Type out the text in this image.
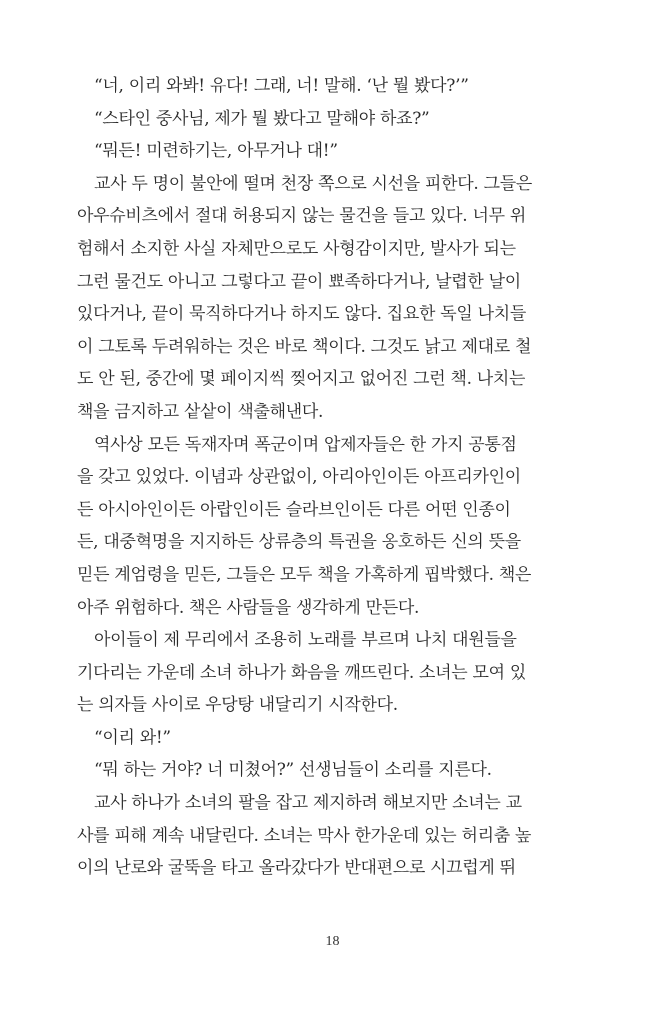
“너, 이리 와봐! 유다! 그래, 너! 말해. ‘난 뭘 봤다?’”
“스타인 중사님, 제가 뭘 봤다고 말해야 하죠?”
“뭐든! 미련하기는, 아무거나 대!”
교사 두 명이 불안에 떨며 천장 쪽으로 시선을 피한다. 그들은
아우슈비츠에서 절대 허용되지 않는 물건을 들고 있다. 너무 위
험해서 소지한 사실 자체만으로도 사형감이지만, 발사가 되는
그런 물건도 아니고 그렇다고 끝이 뾰족하다거나, 날렵한 날이
있다거나, 끝이 묵직하다거나 하지도 않다. 집요한 독일 나치들
이 그토록 두려워하는 것은 바로 책이다. 그것도 낡고 제대로 철
도 안 된, 중간에 몇 페이지씩 찢어지고 없어진 그런 책. 나치는
책을 금지하고 샅샅이 색출해낸다.
역사상 모든 독재자며 폭군이며 압제자들은 한 가지 공통점
을 갖고 있었다. 이념과 상관없이, 아리아인이든 아프리카인이
든 아시아인이든 아랍인이든 슬라브인이든 다른 어떤 인종이
든, 대중혁명을 지지하든 상류층의 특권을 옹호하든 신의 뜻을
믿든 계엄령을 믿든, 그들은 모두 책을 가혹하게 핍박했다. 책은
아주 위험하다. 책은 사람들을 생각하게 만든다.
아이들이 제 무리에서 조용히 노래를 부르며 나치 대원들을
기다리는 가운데 소녀 하나가 화음을 깨뜨린다. 소녀는 모여 있
는 의자들 사이로 우당탕 내달리기 시작한다.
“이리 와!”
“뭐 하는 거야? 너 미쳤어?” 선생님들이 소리를 지른다.
교사 하나가 소녀의 팔을 잡고 제지하려 해보지만 소녀는 교
사를 피해 계속 내달린다. 소녀는 막사 한가운데 있는 허리춤 높
이의 난로와 굴뚝을 타고 올라갔다가 반대편으로 시끄럽게 뛰
18
